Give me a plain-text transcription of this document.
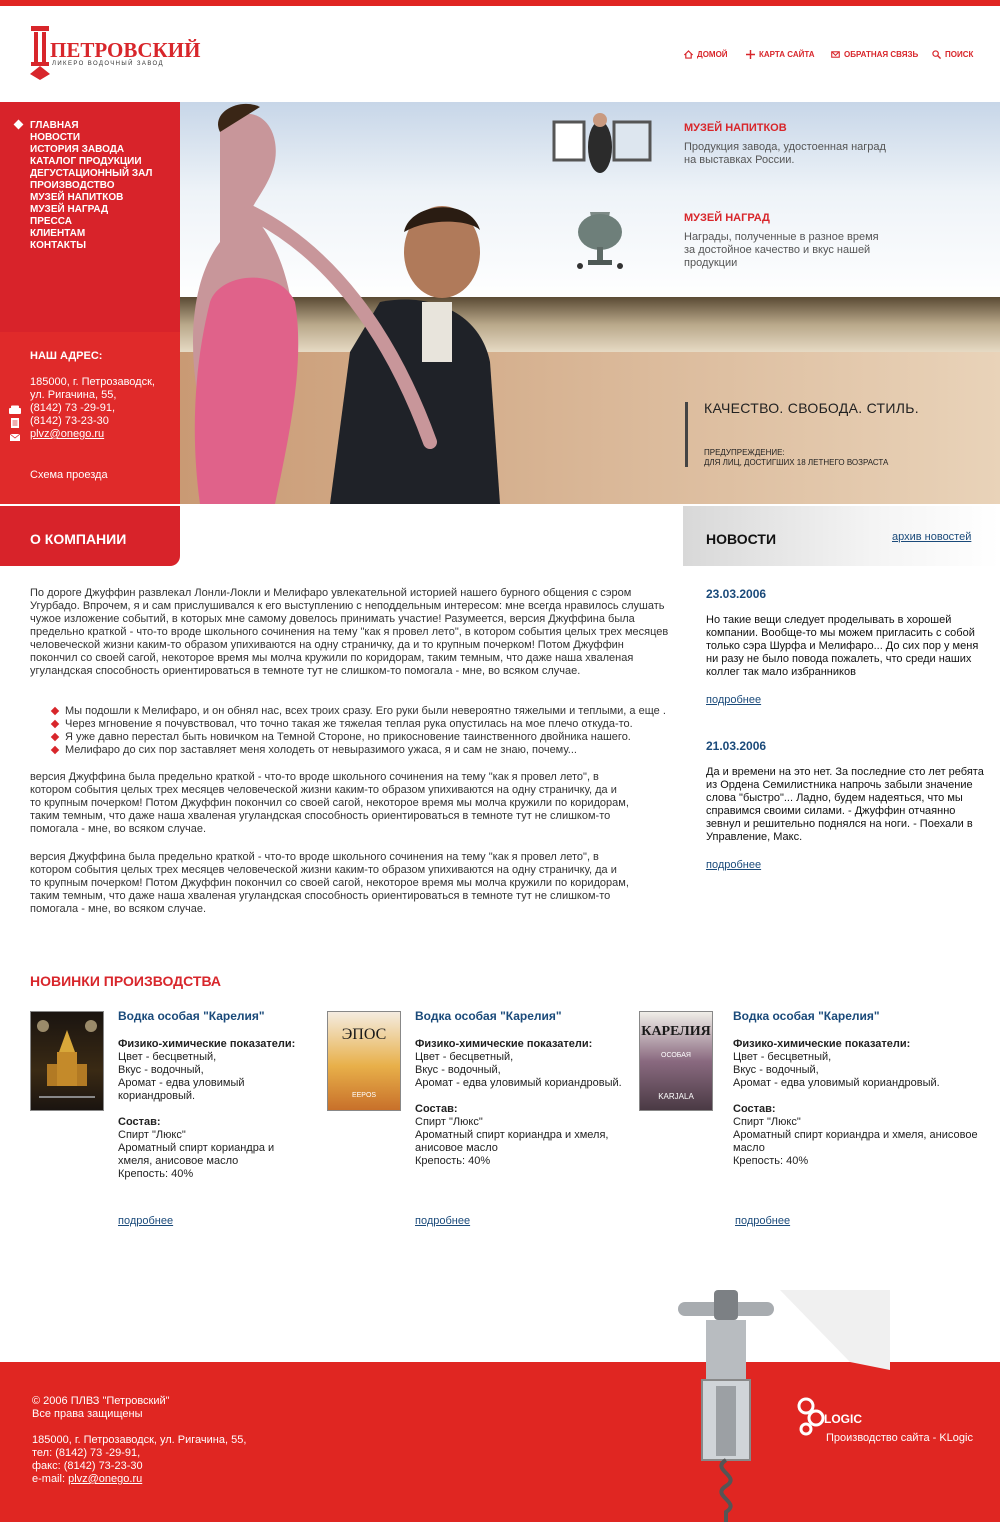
ПЕТРОВСКИЙ
ЛИКЕРО ВОДОЧНЫЙ ЗАВОД
ДОМОЙ	КАРТА САЙТА	ОБРАТНАЯ СВЯЗЬ	ПОИСК
ГЛАВНАЯ
НОВОСТИ
ИСТОРИЯ ЗАВОДА
КАТАЛОГ ПРОДУКЦИИ
ДЕГУСТАЦИОННЫЙ ЗАЛ
ПРОИЗВОДСТВО
МУЗЕЙ НАПИТКОВ
МУЗЕЙ НАГРАД
ПРЕССА
КЛИЕНТАМ
КОНТАКТЫ
НАШ АДРЕС:
185000, г. Петрозаводск,
ул. Ригачина, 55,
(8142) 73 -29-91,
(8142) 73-23-30
plvz@onego.ru
Схема проезда
МУЗЕЙ НАПИТКОВ
Продукция завода, удостоенная наград на выставках России.
МУЗЕЙ НАГРАД
Награды, полученные в разное время за достойное качество и вкус нашей продукции
КАЧЕСТВО. СВОБОДА. СТИЛЬ.
ПРЕДУПРЕЖДЕНИЕ:
ДЛЯ ЛИЦ, ДОСТИГШИХ 18 ЛЕТНЕГО ВОЗРАСТА
О КОМПАНИИ	НОВОСТИ	архив новостей
По дороге Джуффин развлекал Лонли-Локли и Мелифаро увлекательной историей нашего бурного общения с сэром Угурбадо. Впрочем, я и сам прислушивался к его выступлению с неподдельным интересом: мне всегда нравилось слушать чужое изложение событий, в которых мне самому довелось принимать участие! Разумеется, версия Джуффина была предельно краткой - что-то вроде школьного сочинения на тему "как я провел лето", в котором события целых трех месяцев человеческой жизни каким-то образом упихиваются на одну страничку, да и то крупным почерком! Потом Джуффин покончил со своей сагой, некоторое время мы молча кружили по коридорам, таким темным, что даже наша хваленая угуландская способность ориентироваться в темноте тут не слишком-то помогала - мне, во всяком случае.
Мы подошли к Мелифаро, и он обнял нас, всех троих сразу. Его руки были невероятно тяжелыми и теплыми, а еще .
Через мгновение я почувствовал, что точно такая же тяжелая теплая рука опустилась на мое плечо откуда-то.
Я уже давно перестал быть новичком на Темной Стороне, но прикосновение таинственного двойника нашего.
Мелифаро до сих пор заставляет меня холодеть от невыразимого ужаса, я и сам не знаю, почему...
версия Джуффина была предельно краткой - что-то вроде школьного сочинения на тему "как я провел лето", в котором события целых трех месяцев человеческой жизни каким-то образом упихиваются на одну страничку, да и то крупным почерком! Потом Джуффин покончил со своей сагой, некоторое время мы молча кружили по коридорам, таким темным, что даже наша хваленая угуландская способность ориентироваться в темноте тут не слишком-то помогала - мне, во всяком случае.
версия Джуффина была предельно краткой - что-то вроде школьного сочинения на тему "как я провел лето", в котором события целых трех месяцев человеческой жизни каким-то образом упихиваются на одну страничку, да и то крупным почерком! Потом Джуффин покончил со своей сагой, некоторое время мы молча кружили по коридорам, таким темным, что даже наша хваленая угуландская способность ориентироваться в темноте тут не слишком-то помогала - мне, во всяком случае.
23.03.2006
Но такие вещи следует проделывать в хорошей компании. Вообще-то мы можем пригласить с собой только сэра Шурфа и Мелифаро... До сих пор у меня ни разу не было повода пожалеть, что среди наших коллег так мало избранников
подробнее
21.03.2006
Да и времени на это нет. За последние сто лет ребята из Ордена Семилистника напрочь забыли значение слова "быстро"... Ладно, будем надеяться, что мы справимся своими силами. - Джуффин отчаянно зевнул и решительно поднялся на ноги. - Поехали в Управление, Макс.
подробнее
НОВИНКИ ПРОИЗВОДСТВА
Водка особая "Карелия"
Физико-химические показатели:
Цвет - бесцветный,
Вкус - водочный,
Аромат - едва уловимый кориандровый.
Состав:
Спирт "Люкс"
Ароматный спирт кориандра и хмеля, анисовое масло
Крепость: 40%
подробнее
ЭПОС
EEPOS
Водка особая "Карелия"
Физико-химические показатели:
Цвет - бесцветный,
Вкус - водочный,
Аромат - едва уловимый кориандровый.
Состав:
Спирт "Люкс"
Ароматный спирт кориандра и хмеля, анисовое масло
Крепость: 40%
подробнее
КАРЕЛИЯ
ОСОБАЯ
KARJALA
Водка особая "Карелия"
Физико-химические показатели:
Цвет - бесцветный,
Вкус - водочный,
Аромат - едва уловимый кориандровый.
Состав:
Спирт "Люкс"
Ароматный спирт кориандра и хмеля, анисовое масло
Крепость: 40%
подробнее
© 2006 ПЛВЗ "Петровский"
Все права защищены
185000, г. Петрозаводск, ул. Ригачина, 55,
тел: (8142) 73 -29-91,
факс: (8142) 73-23-30
e-mail: plvz@onego.ru
LOGIC
Производство сайта - KLogic
